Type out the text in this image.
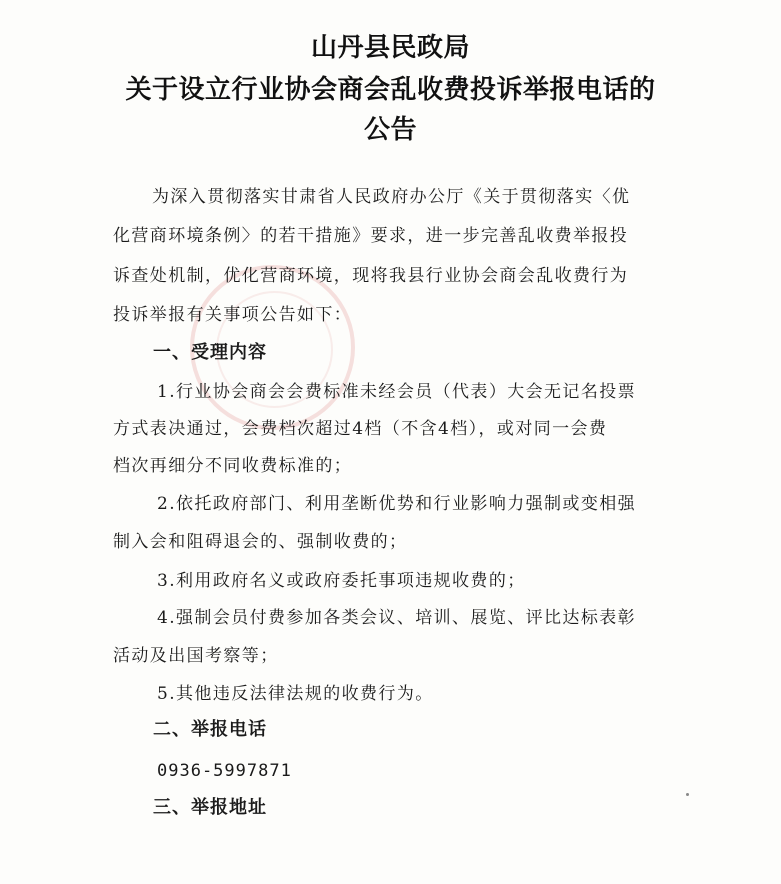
山丹县民政局
关于设立行业协会商会乱收费投诉举报电话的
公告
为深入贯彻落实甘肃省人民政府办公厅《关于贯彻落实〈优
化营商环境条例〉的若干措施》要求，进一步完善乱收费举报投
诉查处机制，优化营商环境，现将我县行业协会商会乱收费行为
投诉举报有关事项公告如下：
一、受理内容
1.行业协会商会会费标准未经会员（代表）大会无记名投票
方式表决通过，会费档次超过4档（不含4档），或对同一会费
档次再细分不同收费标准的；
2.依托政府部门、利用垄断优势和行业影响力强制或变相强
制入会和阻碍退会的、强制收费的；
3.利用政府名义或政府委托事项违规收费的；
4.强制会员付费参加各类会议、培训、展览、评比达标表彰
活动及出国考察等；
5.其他违反法律法规的收费行为。
二、举报电话
0936-5997871
三、举报地址
